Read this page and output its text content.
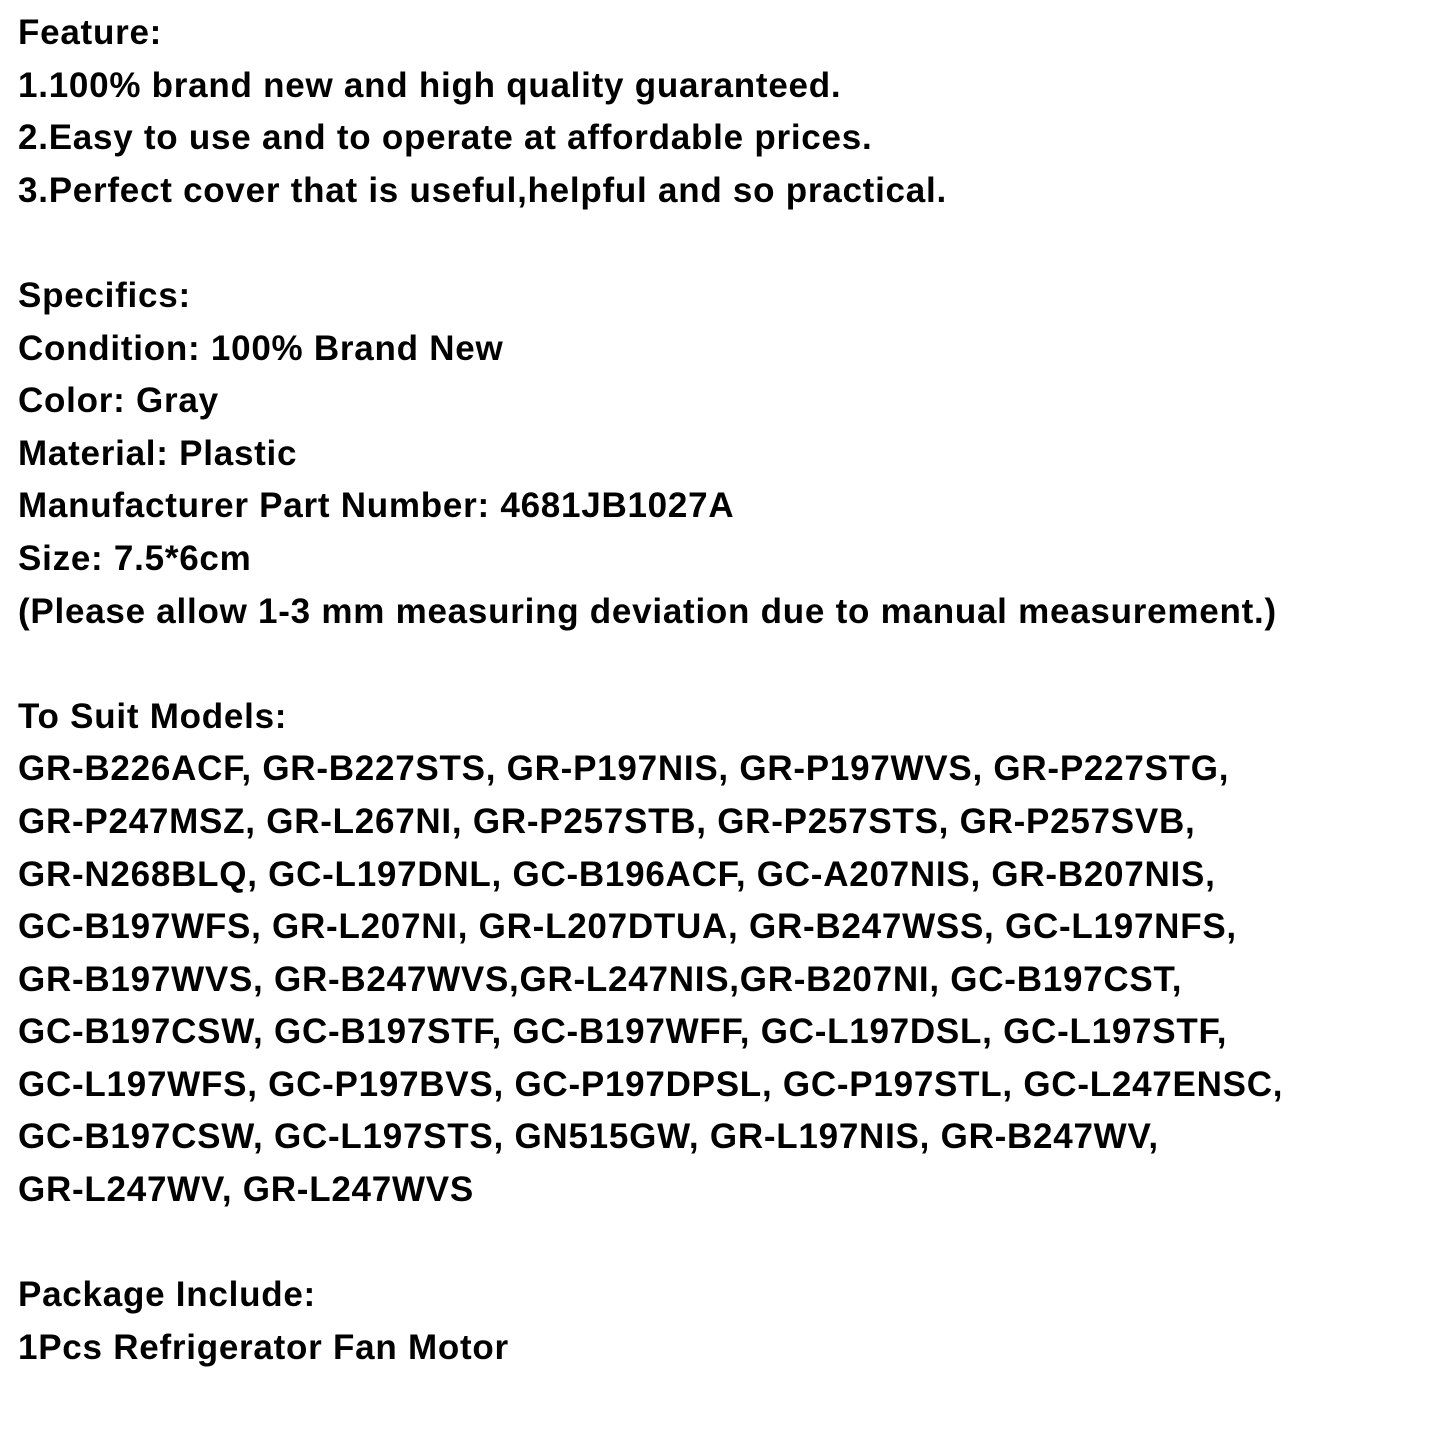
Feature:
1.100% brand new and high quality guaranteed.
2.Easy to use and to operate at affordable prices.
3.Perfect cover that is useful,helpful and so practical.
Specifics:
Condition: 100% Brand New
Color: Gray
Material: Plastic
Manufacturer Part Number: 4681JB1027A
Size: 7.5*6cm
(Please allow 1-3 mm measuring deviation due to manual measurement.)
To Suit Models:
GR-B226ACF, GR-B227STS, GR-P197NIS, GR-P197WVS, GR-P227STG,
GR-P247MSZ, GR-L267NI, GR-P257STB, GR-P257STS, GR-P257SVB,
GR-N268BLQ, GC-L197DNL, GC-B196ACF, GC-A207NIS, GR-B207NIS,
GC-B197WFS, GR-L207NI, GR-L207DTUA, GR-B247WSS, GC-L197NFS,
GR-B197WVS, GR-B247WVS,GR-L247NIS,GR-B207NI, GC-B197CST,
GC-B197CSW, GC-B197STF, GC-B197WFF, GC-L197DSL, GC-L197STF,
GC-L197WFS, GC-P197BVS, GC-P197DPSL, GC-P197STL, GC-L247ENSC,
GC-B197CSW, GC-L197STS, GN515GW, GR-L197NIS, GR-B247WV,
GR-L247WV, GR-L247WVS
Package Include:
1Pcs Refrigerator Fan Motor
